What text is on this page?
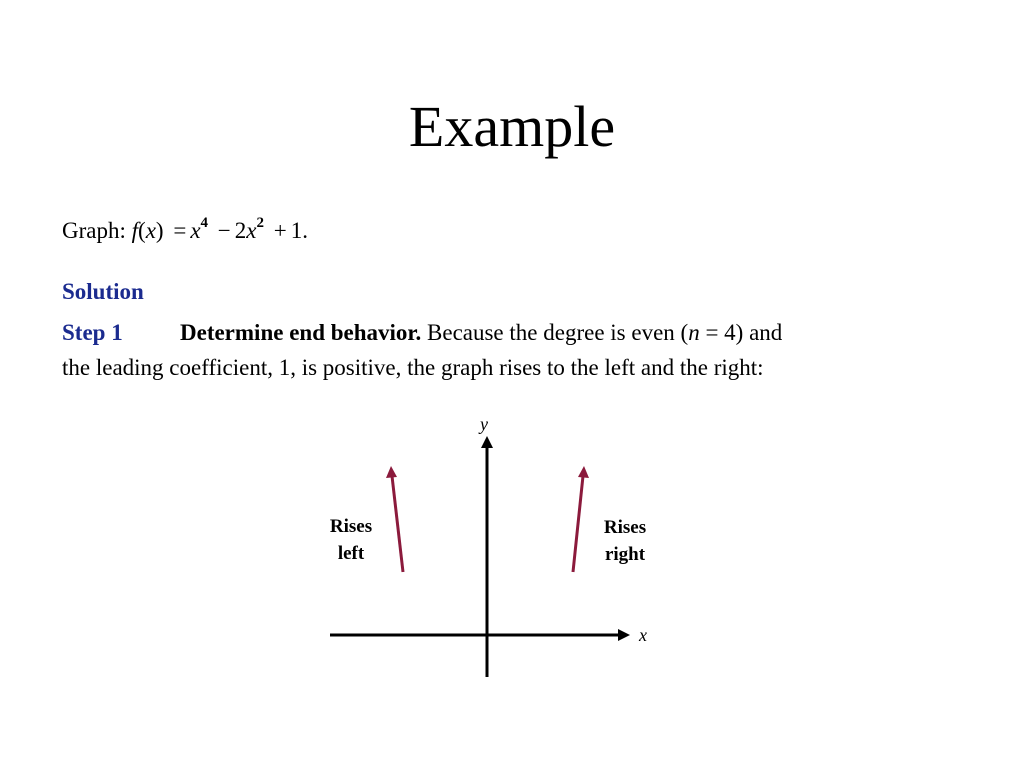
Example
Graph: $f(x) = x^4 - 2x^2 + 1$.
Solution
Step 1 Determine end behavior. Because the degree is even (n = 4) and
the leading coefficient, 1, is positive, the graph rises to the left and the right:
y
x
Rises
left
Rises
right
